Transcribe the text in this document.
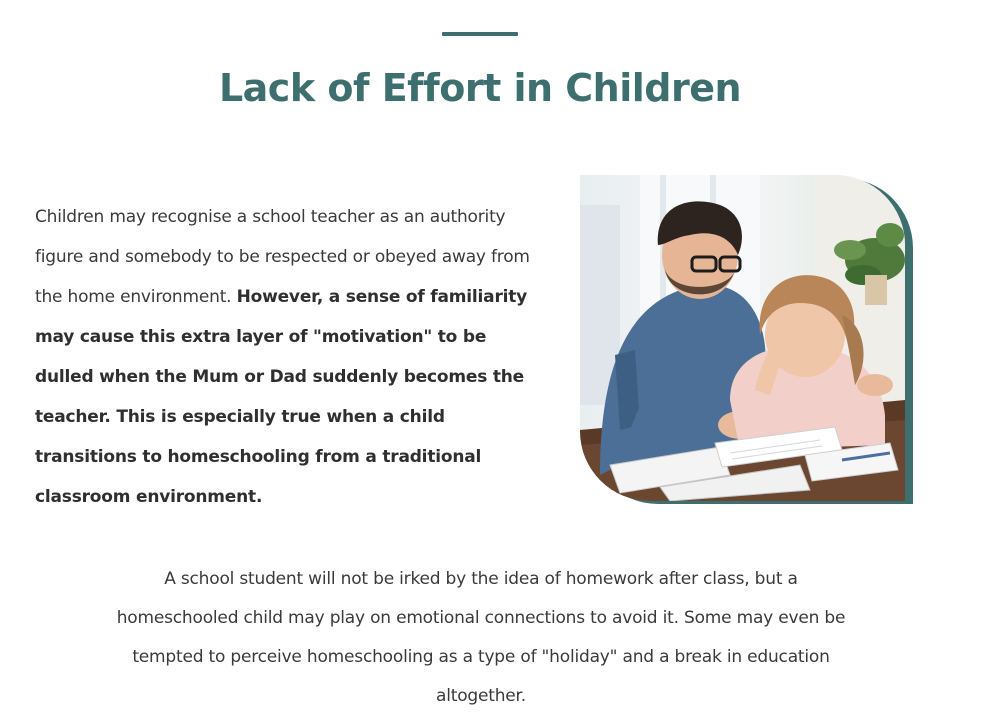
Lack of Effort in Children

Children may recognise a school teacher as an authority figure and somebody to be respected or obeyed away from the home environment. However, a sense of familiarity may cause this extra layer of "motivation" to be dulled when the Mum or Dad suddenly becomes the teacher. This is especially true when a child transitions to homeschooling from a traditional classroom environment.

A school student will not be irked by the idea of homework after class, but a homeschooled child may play on emotional connections to avoid it. Some may even be tempted to perceive homeschooling as a type of "holiday" and a break in education altogether.
